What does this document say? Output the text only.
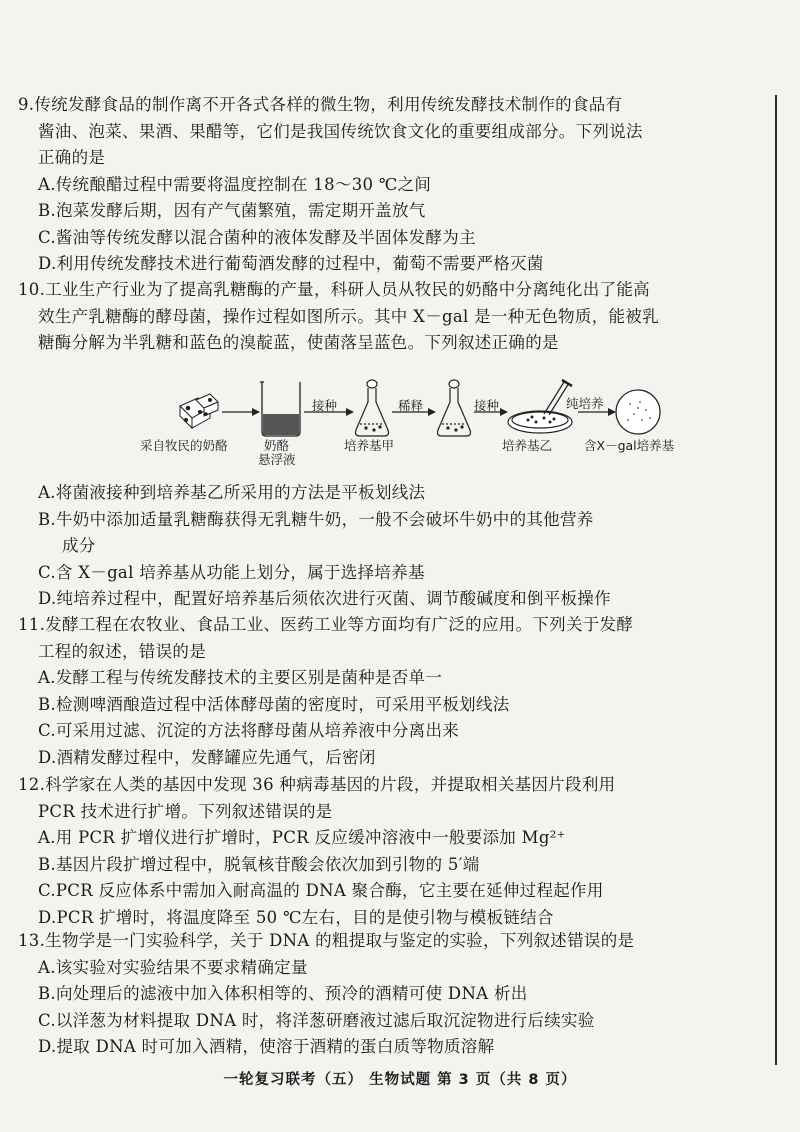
9.传统发酵食品的制作离不开各式各样的微生物，利用传统发酵技术制作的食品有
酱油、泡菜、果酒、果醋等，它们是我国传统饮食文化的重要组成部分。下列说法
正确的是
A.传统酿醋过程中需要将温度控制在 18～30 ℃之间
B.泡菜发酵后期，因有产气菌繁殖，需定期开盖放气
C.酱油等传统发酵以混合菌种的液体发酵及半固体发酵为主
D.利用传统发酵技术进行葡萄酒发酵的过程中，葡萄不需要严格灭菌
10.工业生产行业为了提高乳糖酶的产量，科研人员从牧民的奶酪中分离纯化出了能高
效生产乳糖酶的酵母菌，操作过程如图所示。其中 X－gal 是一种无色物质，能被乳
糖酶分解为半乳糖和蓝色的溴靛蓝，使菌落呈蓝色。下列叙述正确的是
采自牧民的奶酪	奶酪
悬浮液
培养基甲	培养基乙	含X－gal培养基
接种	稀释	接种	纯培养
A.将菌液接种到培养基乙所采用的方法是平板划线法
B.牛奶中添加适量乳糖酶获得无乳糖牛奶，一般不会破坏牛奶中的其他营养
成分
C.含 X－gal 培养基从功能上划分，属于选择培养基
D.纯培养过程中，配置好培养基后须依次进行灭菌、调节酸碱度和倒平板操作
11.发酵工程在农牧业、食品工业、医药工业等方面均有广泛的应用。下列关于发酵
工程的叙述，错误的是
A.发酵工程与传统发酵技术的主要区别是菌种是否单一
B.检测啤酒酿造过程中活体酵母菌的密度时，可采用平板划线法
C.可采用过滤、沉淀的方法将酵母菌从培养液中分离出来
D.酒精发酵过程中，发酵罐应先通气，后密闭
12.科学家在人类的基因中发现 36 种病毒基因的片段，并提取相关基因片段利用
PCR 技术进行扩增。下列叙述错误的是
A.用 PCR 扩增仪进行扩增时，PCR 反应缓冲溶液中一般要添加 Mg²⁺
B.基因片段扩增过程中，脱氧核苷酸会依次加到引物的 5′端
C.PCR 反应体系中需加入耐高温的 DNA 聚合酶，它主要在延伸过程起作用
D.PCR 扩增时，将温度降至 50 ℃左右，目的是使引物与模板链结合
13.生物学是一门实验科学，关于 DNA 的粗提取与鉴定的实验，下列叙述错误的是
A.该实验对实验结果不要求精确定量
B.向处理后的滤液中加入体积相等的、预冷的酒精可使 DNA 析出
C.以洋葱为材料提取 DNA 时，将洋葱研磨液过滤后取沉淀物进行后续实验
D.提取 DNA 时可加入酒精，使溶于酒精的蛋白质等物质溶解
一轮复习联考（五） 生物试题 第 3 页（共 8 页）
